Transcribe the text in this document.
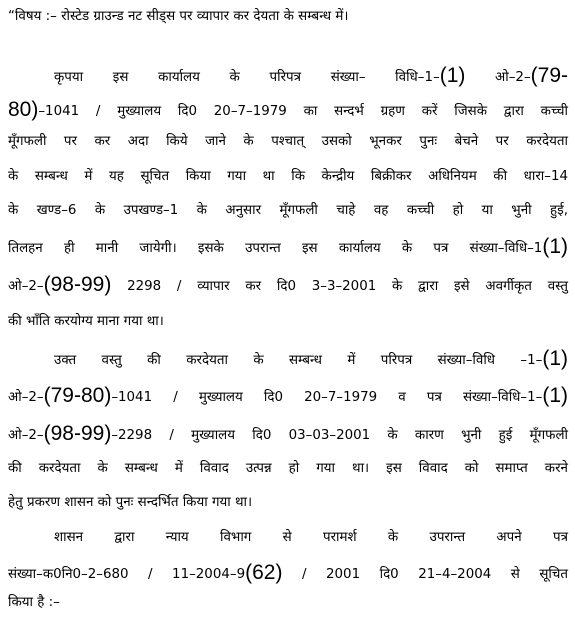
“विषय :– रोस्टेड ग्राउन्ड नट सीड्स पर व्यापार कर देयता के सम्बन्ध में।
कृपया इस कार्यालय के परिपत्र संख्या– विधि–1–(1) ओ–2–(79-
80)–1041 / मुख्यालय दि0 20–7–1979 का सन्दर्भ ग्रहण करें जिसके द्वारा कच्ची
मूँगफली पर कर अदा किये जाने के पश्चात् उसको भूनकर पुनः बेचने पर करदेयता
के सम्बन्ध में यह सूचित किया गया था कि केन्द्रीय बिक्रीकर अधिनियम की धारा–14
के खण्ड–6 के उपखण्ड–1 के अनुसार मूँगफली चाहे वह कच्ची हो या भुनी हुई,
तिलहन ही मानी जायेगी। इसके उपरान्त इस कार्यालय के पत्र संख्या–विधि–1(1)
ओ–2–(98-99) 2298 / व्यापार कर दि0 3–3–2001 के द्वारा इसे अवर्गीकृत वस्तु
की भाँति करयोग्य माना गया था।
उक्त वस्तु की करदेयता के सम्बन्ध में परिपत्र संख्या–विधि –1–(1)
ओ–2–(79-80)–1041 / मुख्यालय दि0 20–7–1979 व पत्र संख्या–विधि–1–(1)
ओ–2–(98-99)–2298 / मुख्यालय दि0 03–03–2001 के कारण भुनी हुई मूँगफली
की करदेयता के सम्बन्ध में विवाद उत्पन्न हो गया था। इस विवाद को समाप्त करने
हेतु प्रकरण शासन को पुनः सन्दर्भित किया गया था।
शासन द्वारा न्याय विभाग से परामर्श के उपरान्त अपने पत्र
संख्या–क0नि0–2–680 / 11–2004–9(62) / 2001 दि0 21–4–2004 से सूचित
किया है :–
